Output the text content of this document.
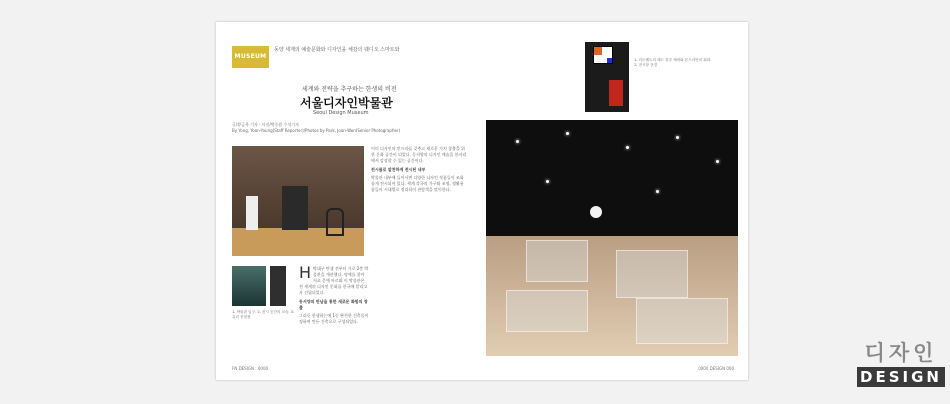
MUSEUM
동양 세계의 예술문화와 디자인을 체감의 웨디오 스마트와
세계와 전략을 추구하는 한생의 비전
서울디자인박물관
Seoul Design Museum
글/황금옥 기자 · 사진/박중원 수석기자
By Yong, Yoon-Young(Staff Reporter)/Photos by Park, Joon-Won(Senior Photographer)
H 박대구 탄생 전부터 가로 2층 박물관을 개관했다. 명예를 찾아 서초 문예 아르와 이 박물관은 전 세계의 디자인 문화를 한국에 알리고자 건립되었다.
동서양의 만남을 통한 새로운 화합의 창출
그리듯 한생하는에 1동 완전한 건축물이 정하여 만든 건축으로 구성되었다.
이미 디자인의 인프라를 갖추고 새로운 가치 창출을 위한 문화 공간이 되었다. 동서양의 디자인 예술을 한자리에서 감상할 수 있는 공간이다.
전시물로 알찬하게 전시된 내부
박물관 내부에 들어서면 다양한 디자인 작품들이 조화롭게 전시되어 있다. 세계 각국의 가구와 조명, 생활용품들이 시대별로 정리되어 관람객을 맞이한다.
1. 박물관 입구. 2. 전시 공간의 모습. 3. 유리 진열장
FN DESIGN : 0000
1. 리트벨트의 레드 블루 체어와 몬드리안의 회화. 2. 전시장 전경
0000 DESIGN 000
디자인
DESIGN
